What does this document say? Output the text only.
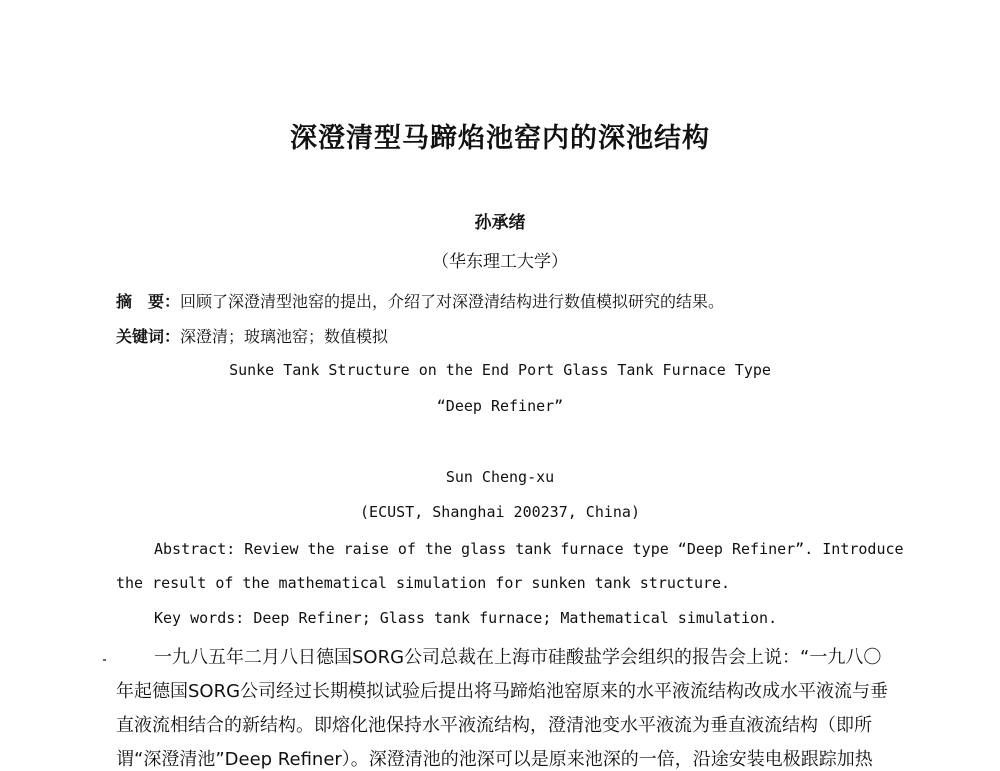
深澄清型马蹄焰池窑内的深池结构
孙承绪
（华东理工大学）
摘　要：回顾了深澄清型池窑的提出，介绍了对深澄清结构进行数值模拟研究的结果。
关键词：深澄清；玻璃池窑；数值模拟
Sunke Tank Structure on the End Port Glass Tank Furnace Type
“Deep Refiner”
Sun Cheng-xu
(ECUST, Shanghai 200237, China)
Abstract: Review the raise of the glass tank furnace type “Deep Refiner”. Introduce
the result of the mathematical simulation for sunken tank structure.
Key words: Deep Refiner; Glass tank furnace; Mathematical simulation.
一九八五年二月八日德国SORG公司总裁在上海市硅酸盐学会组织的报告会上说：“一九八〇
年起德国SORG公司经过长期模拟试验后提出将马蹄焰池窑原来的水平液流结构改成水平液流与垂
直液流相结合的新结构。即熔化池保持水平液流结构，澄清池变水平液流为垂直液流结构（即所
谓“深澄清池”Deep Refiner）。深澄清池的池深可以是原来池深的一倍，沿途安装电极跟踪加热
